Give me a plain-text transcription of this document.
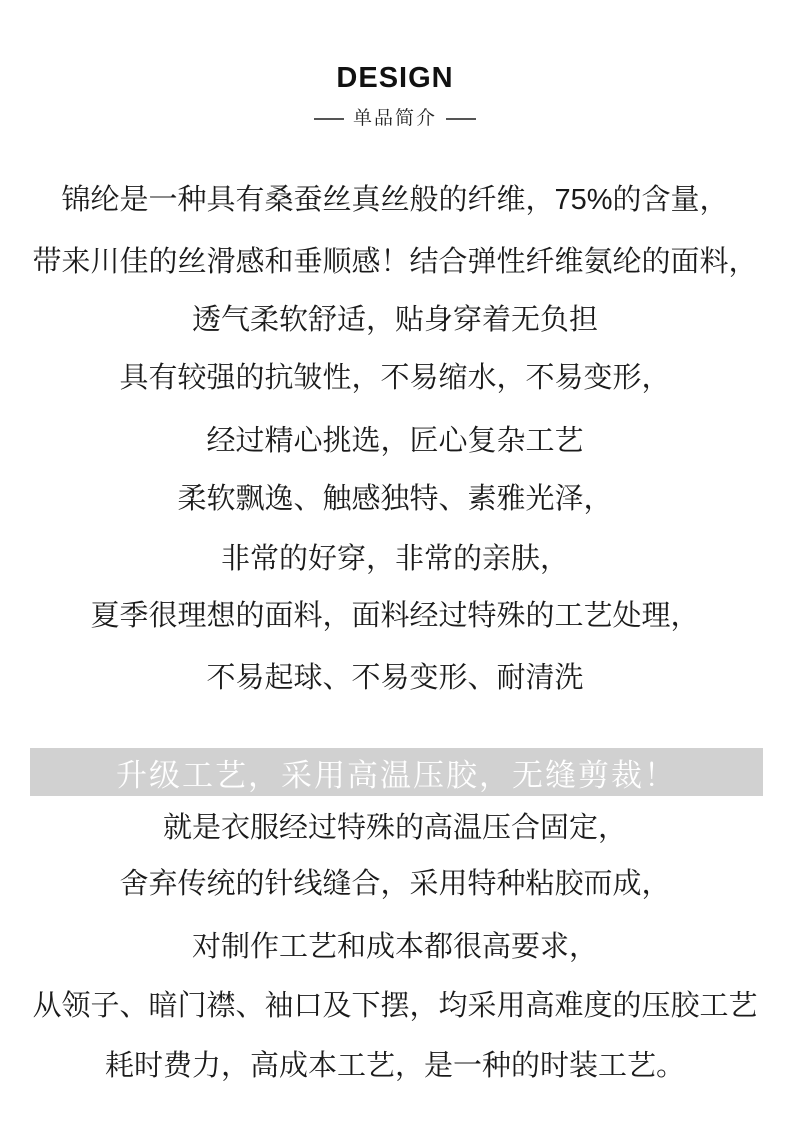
DESIGN
单品简介
锦纶是一种具有桑蚕丝真丝般的纤维，75%的含量，
带来川佳的丝滑感和垂顺感！结合弹性纤维氨纶的面料，
透气柔软舒适，贴身穿着无负担
具有较强的抗皱性，不易缩水，不易变形，
经过精心挑选，匠心复杂工艺
柔软飘逸、触感独特、素雅光泽，
非常的好穿，非常的亲肤，
夏季很理想的面料，面料经过特殊的工艺处理，
不易起球、不易变形、耐清洗
升级工艺，采用高温压胶，无缝剪裁！
就是衣服经过特殊的高温压合固定，
舍弃传统的针线缝合，采用特种粘胶而成，
对制作工艺和成本都很高要求，
从领子、暗门襟、袖口及下摆，均采用高难度的压胶工艺
耗时费力，高成本工艺，是一种的时装工艺。
